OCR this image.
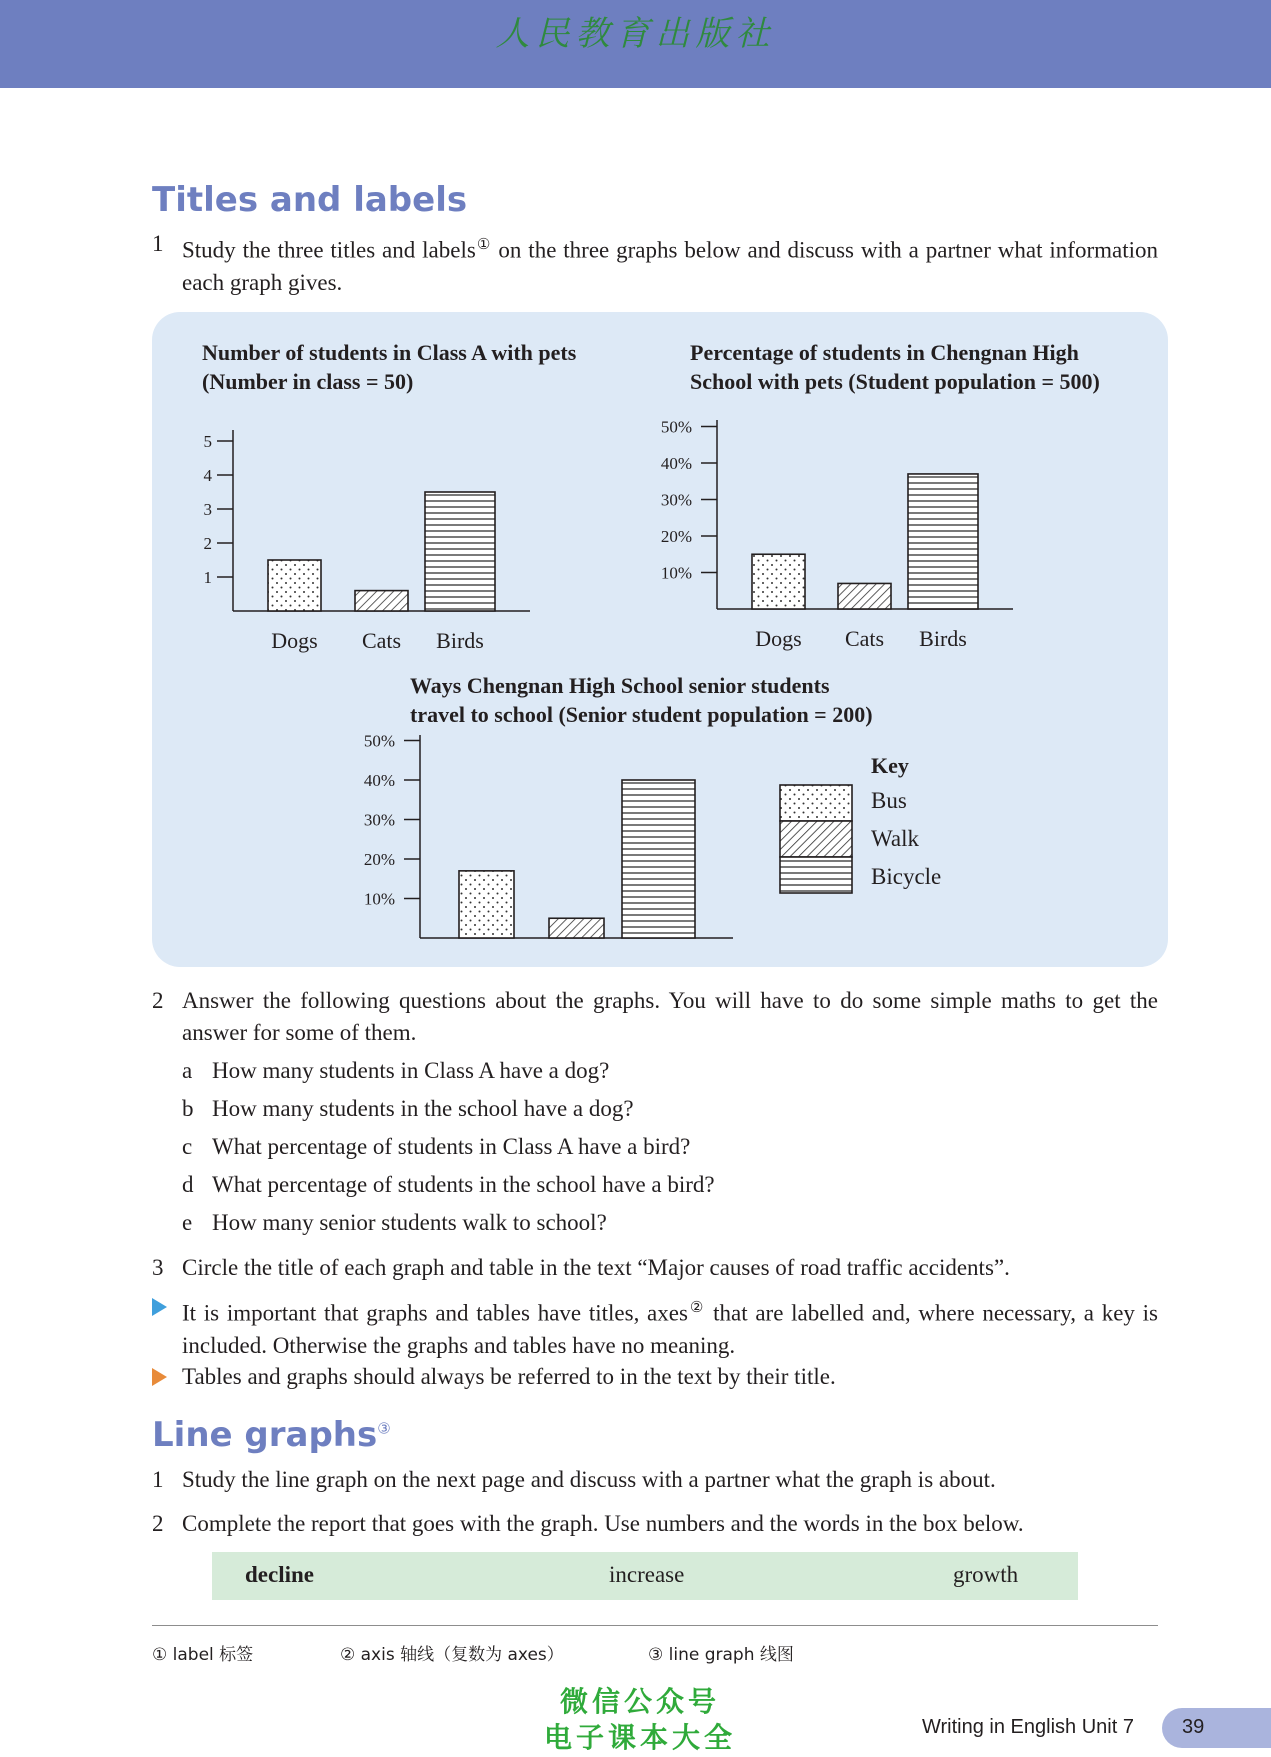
人民教育出版社
Titles and labels
1 Study the three titles and labels① on the three graphs below and discuss with a partner what information each graph gives.
Number of students in Class A with pets
(Number in class = 50)
Percentage of students in Chengnan High
School with pets (Student population = 500)
Ways Chengnan High School senior students
travel to school (Senior student population = 200)
1
2
3
4
5
Dogs Cats Birds
10%
20%
30%
40%
50%
Dogs Cats Birds
10%
20%
30%
40%
50%
Key
Bus
Walk
Bicycle
2 Answer the following questions about the graphs. You will have to do some simple maths to get the answer for some of them.
a How many students in Class A have a dog?
b How many students in the school have a dog?
c What percentage of students in Class A have a bird?
d What percentage of students in the school have a bird?
e How many senior students walk to school?
3 Circle the title of each graph and table in the text “Major causes of road traffic accidents”.
It is important that graphs and tables have titles, axes② that are labelled and, where necessary, a key is included. Otherwise the graphs and tables have no meaning.
Tables and graphs should always be referred to in the text by their title.
Line graphs③
1 Study the line graph on the next page and discuss with a partner what the graph is about.
2 Complete the report that goes with the graph. Use numbers and the words in the box below.
decline	increase	growth
① label 标签	② axis 轴线（复数为 axes）	③ line graph 线图
微信公众号
电子课本大全	Writing in English Unit 7 39
